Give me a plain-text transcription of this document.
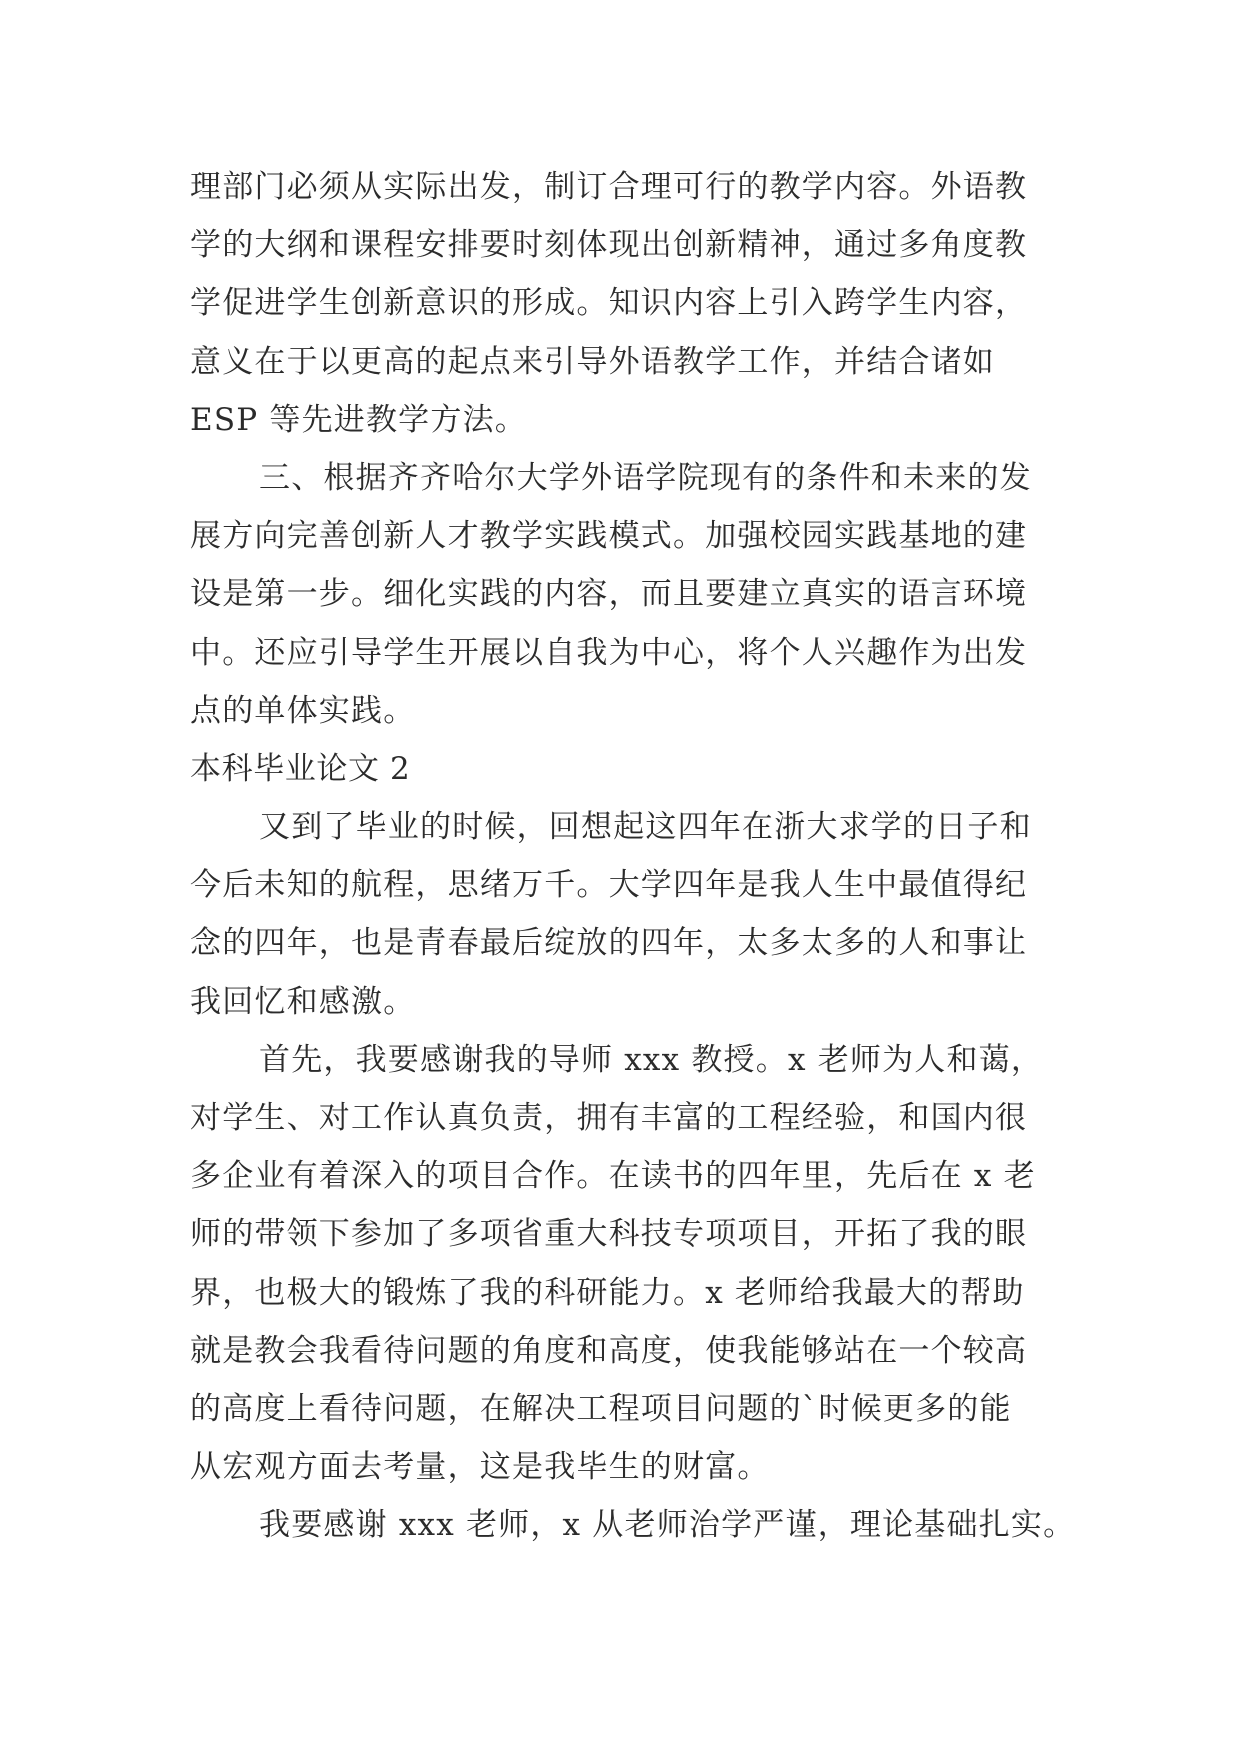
理部门必须从实际出发，制订合理可行的教学内容。外语教
学的大纲和课程安排要时刻体现出创新精神，通过多角度教
学促进学生创新意识的形成。知识内容上引入跨学生内容，
意义在于以更高的起点来引导外语教学工作，并结合诸如
ESP 等先进教学方法。
三、根据齐齐哈尔大学外语学院现有的条件和未来的发
展方向完善创新人才教学实践模式。加强校园实践基地的建
设是第一步。细化实践的内容，而且要建立真实的语言环境
中。还应引导学生开展以自我为中心，将个人兴趣作为出发
点的单体实践。
本科毕业论文 2
又到了毕业的时候，回想起这四年在浙大求学的日子和
今后未知的航程，思绪万千。大学四年是我人生中最值得纪
念的四年，也是青春最后绽放的四年，太多太多的人和事让
我回忆和感激。
首先，我要感谢我的导师 xxx 教授。x 老师为人和蔼，
对学生、对工作认真负责，拥有丰富的工程经验，和国内很
多企业有着深入的项目合作。在读书的四年里，先后在 x 老
师的带领下参加了多项省重大科技专项项目，开拓了我的眼
界，也极大的锻炼了我的科研能力。x 老师给我最大的帮助
就是教会我看待问题的角度和高度，使我能够站在一个较高
的高度上看待问题，在解决工程项目问题的`时候更多的能
从宏观方面去考量，这是我毕生的财富。
我要感谢 xxx 老师，x 从老师治学严谨，理论基础扎实。
